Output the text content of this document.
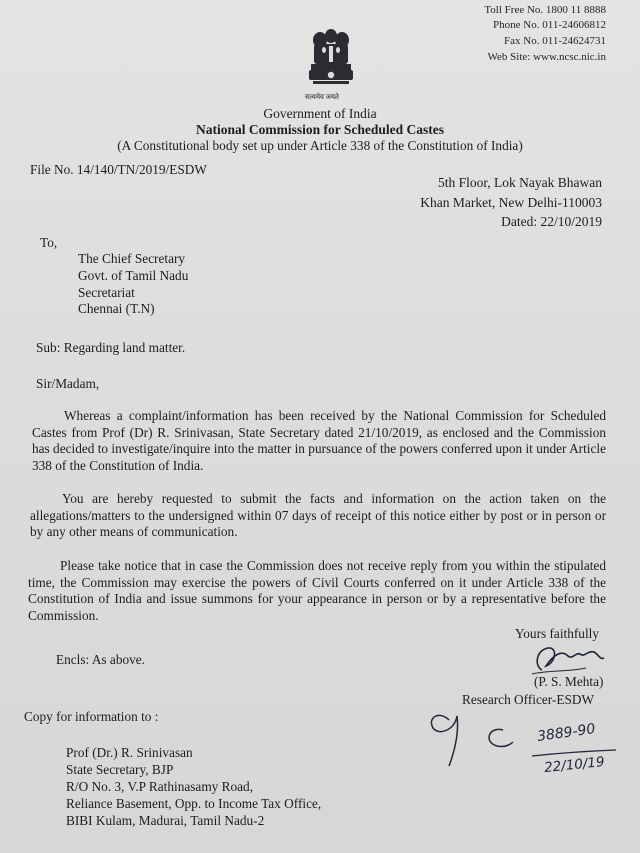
Toll Free No. 1800 11 8888
Phone No. 011-24606812
Fax No. 011-24624731
Web Site: www.ncsc.nic.in
सत्यमेव जयते
Government of India
National Commission for Scheduled Castes
(A Constitutional body set up under Article 338 of the Constitution of India)
File No. 14/140/TN/2019/ESDW
5th Floor, Lok Nayak Bhawan
Khan Market, New Delhi-110003
Dated: 22/10/2019
To,
The Chief Secretary
Govt. of Tamil Nadu
Secretariat
Chennai (T.N)
Sub: Regarding land matter.
Sir/Madam,
Whereas a complaint/information has been received by the National Commission for Scheduled Castes from Prof (Dr) R. Srinivasan, State Secretary dated 21/10/2019, as enclosed and the Commission has decided to investigate/inquire into the matter in pursuance of the powers conferred upon it under Article 338 of the Constitution of India.
You are hereby requested to submit the facts and information on the action taken on the allegations/matters to the undersigned within 07 days of receipt of this notice either by post or in person or by any other means of communication.
Please take notice that in case the Commission does not receive reply from you within the stipulated time, the Commission may exercise the powers of Civil Courts conferred on it under Article 338 of the Constitution of India and issue summons for your appearance in person or by a representative before the Commission.
Yours faithfully
Encls: As above.
(P. S. Mehta)
Research Officer-ESDW
Copy for information to :
Prof (Dr.) R. Srinivasan
State Secretary, BJP
R/O No. 3, V.P Rathinasamy Road,
Reliance Basement, Opp. to Income Tax Office,
BIBI Kulam, Madurai, Tamil Nadu-2
3889-90
22/10/19
